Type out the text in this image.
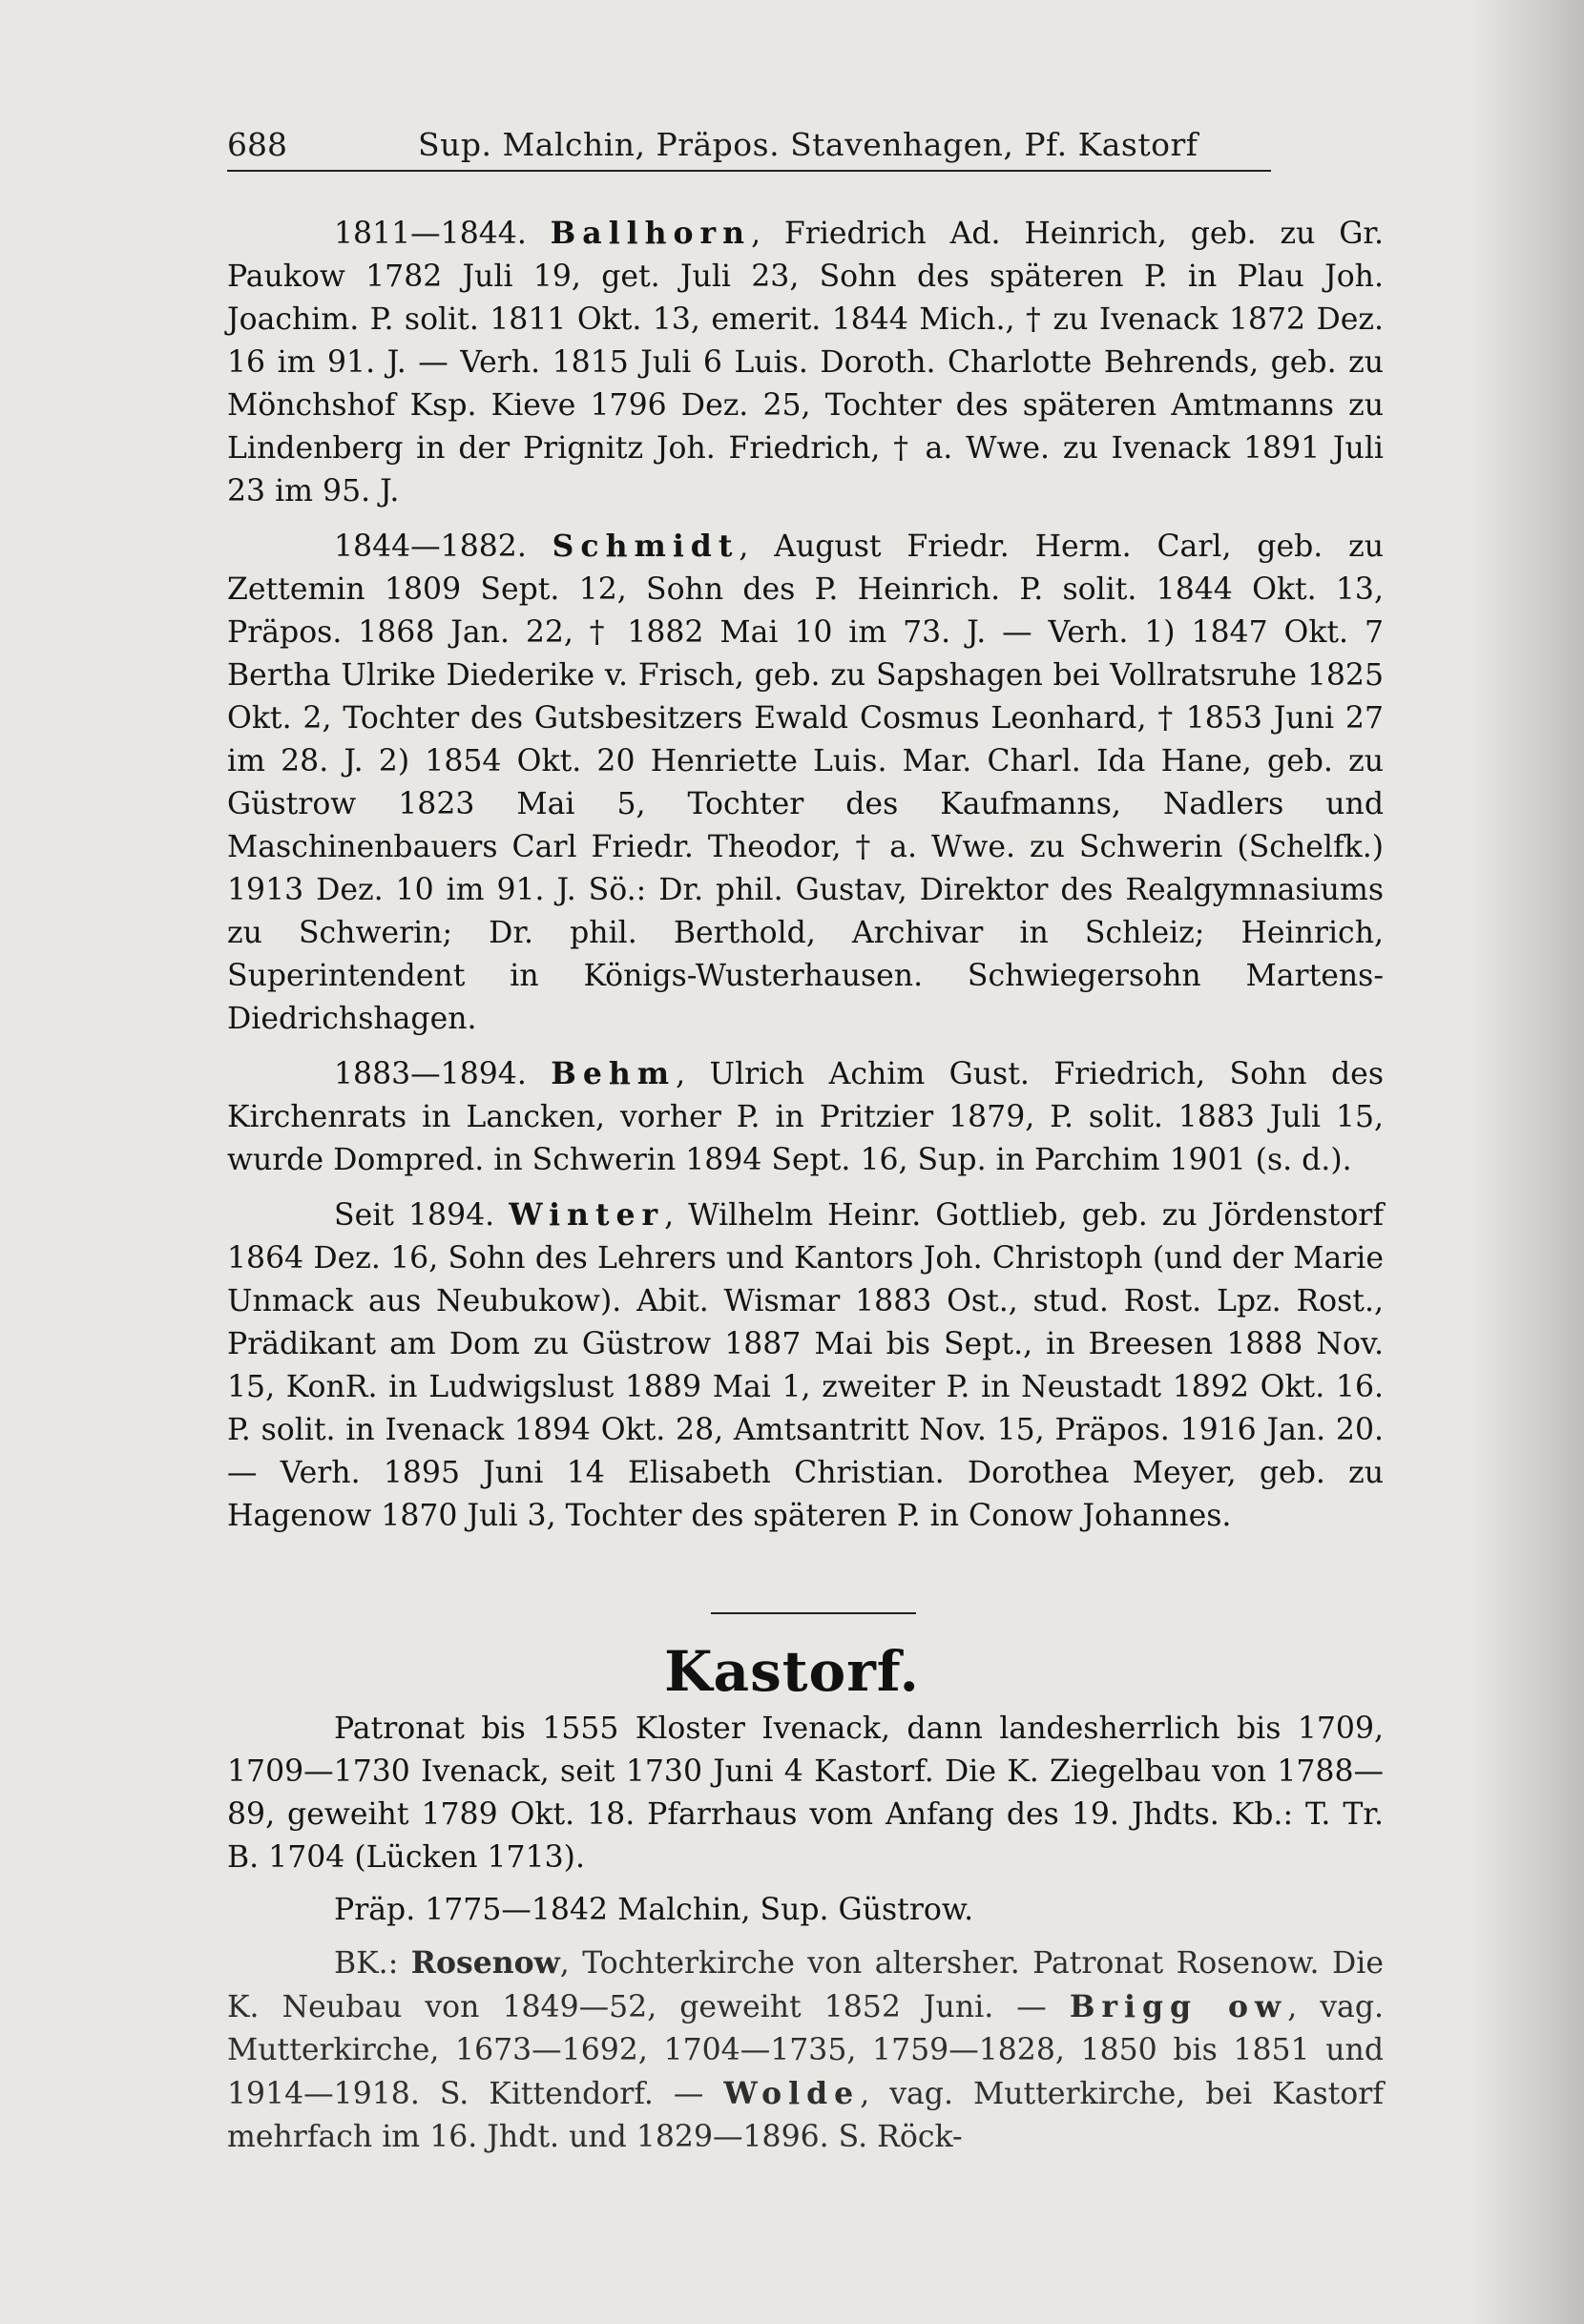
688	Sup. Malchin, Präpos. Stavenhagen, Pf. Kastorf

1811—1844. Ballhorn, Friedrich Ad. Heinrich, geb. zu Gr. Paukow 1782 Juli 19, get. Juli 23, Sohn des späteren P. in Plau Joh. Joachim. P. solit. 1811 Okt. 13, emerit. 1844 Mich., † zu Ivenack 1872 Dez. 16 im 91. J. — Verh. 1815 Juli 6 Luis. Doroth. Charlotte Behrends, geb. zu Mönchshof Ksp. Kieve 1796 Dez. 25, Tochter des späteren Amtmanns zu Lindenberg in der Prignitz Joh. Friedrich, † a. Wwe. zu Ivenack 1891 Juli 23 im 95. J.

1844—1882. Schmidt, August Friedr. Herm. Carl, geb. zu Zettemin 1809 Sept. 12, Sohn des P. Heinrich. P. solit. 1844 Okt. 13, Präpos. 1868 Jan. 22, † 1882 Mai 10 im 73. J. — Verh. 1) 1847 Okt. 7 Bertha Ulrike Diederike v. Frisch, geb. zu Sapshagen bei Vollratsruhe 1825 Okt. 2, Tochter des Gutsbesitzers Ewald Cosmus Leonhard, † 1853 Juni 27 im 28. J. 2) 1854 Okt. 20 Henriette Luis. Mar. Charl. Ida Hane, geb. zu Güstrow 1823 Mai 5, Tochter des Kaufmanns, Nadlers und Maschinenbauers Carl Friedr. Theodor, † a. Wwe. zu Schwerin (Schelfk.) 1913 Dez. 10 im 91. J. Sö.: Dr. phil. Gustav, Direktor des Realgymnasiums zu Schwerin; Dr. phil. Berthold, Archivar in Schleiz; Heinrich, Superintendent in Königs-Wusterhausen. Schwiegersohn Martens-Diedrichshagen.

1883—1894. Behm, Ulrich Achim Gust. Friedrich, Sohn des Kirchenrats in Lancken, vorher P. in Pritzier 1879, P. solit. 1883 Juli 15, wurde Dompred. in Schwerin 1894 Sept. 16, Sup. in Parchim 1901 (s. d.).

Seit 1894. Winter, Wilhelm Heinr. Gottlieb, geb. zu Jördenstorf 1864 Dez. 16, Sohn des Lehrers und Kantors Joh. Christoph (und der Marie Unmack aus Neubukow). Abit. Wismar 1883 Ost., stud. Rost. Lpz. Rost., Prädikant am Dom zu Güstrow 1887 Mai bis Sept., in Breesen 1888 Nov. 15, KonR. in Ludwigslust 1889 Mai 1, zweiter P. in Neustadt 1892 Okt. 16. P. solit. in Ivenack 1894 Okt. 28, Amtsantritt Nov. 15, Präpos. 1916 Jan. 20. — Verh. 1895 Juni 14 Elisabeth Christian. Dorothea Meyer, geb. zu Hagenow 1870 Juli 3, Tochter des späteren P. in Conow Johannes.

Kastorf.

Patronat bis 1555 Kloster Ivenack, dann landesherrlich bis 1709, 1709—1730 Ivenack, seit 1730 Juni 4 Kastorf. Die K. Ziegelbau von 1788—89, geweiht 1789 Okt. 18. Pfarrhaus vom Anfang des 19. Jhdts. Kb.: T. Tr. B. 1704 (Lücken 1713).

Präp. 1775—1842 Malchin, Sup. Güstrow.

BK.: Rosenow, Tochterkirche von altersher. Patronat Rosenow. Die K. Neubau von 1849—52, geweiht 1852 Juni. — Brigg ow, vag. Mutterkirche, 1673—1692, 1704—1735, 1759—1828, 1850 bis 1851 und 1914—1918. S. Kittendorf. — Wolde, vag. Mutterkirche, bei Kastorf mehrfach im 16. Jhdt. und 1829—1896. S. Röck-
